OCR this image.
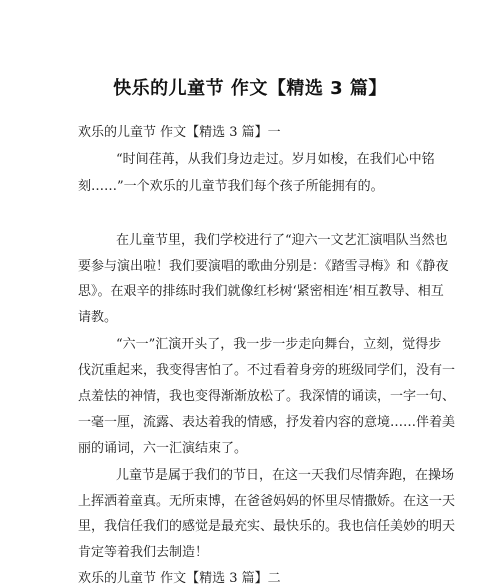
快乐的儿童节 作文【精选 3 篇】
欢乐的儿童节 作文【精选 3 篇】一
“时间荏苒，从我们身边走过。岁月如梭，在我们心中铭
刻……”一个欢乐的儿童节我们每个孩子所能拥有的。
在儿童节里，我们学校进行了“迎六一文艺汇演唱队当然也
要参与演出啦！我们要演唱的歌曲分别是：《踏雪寻梅》和《静夜
思》。在艰辛的排练时我们就像红杉树‘紧密相连’相互教导、相互
请教。
“六一”汇演开头了，我一步一步走向舞台，立刻，觉得步
伐沉重起来，我变得害怕了。不过看着身旁的班级同学们，没有一
点羞怯的神情，我也变得渐渐放松了。我深情的诵读，一字一句、
一毫一厘，流露、表达着我的情感，抒发着内容的意境……伴着美
丽的诵词，六一汇演结束了。
儿童节是属于我们的节日，在这一天我们尽情奔跑，在操场
上挥洒着童真。无所束博，在爸爸妈妈的怀里尽情撒娇。在这一天
里，我信任我们的感觉是最充实、最快乐的。我也信任美妙的明天
肯定等着我们去制造！
欢乐的儿童节 作文【精选 3 篇】二
